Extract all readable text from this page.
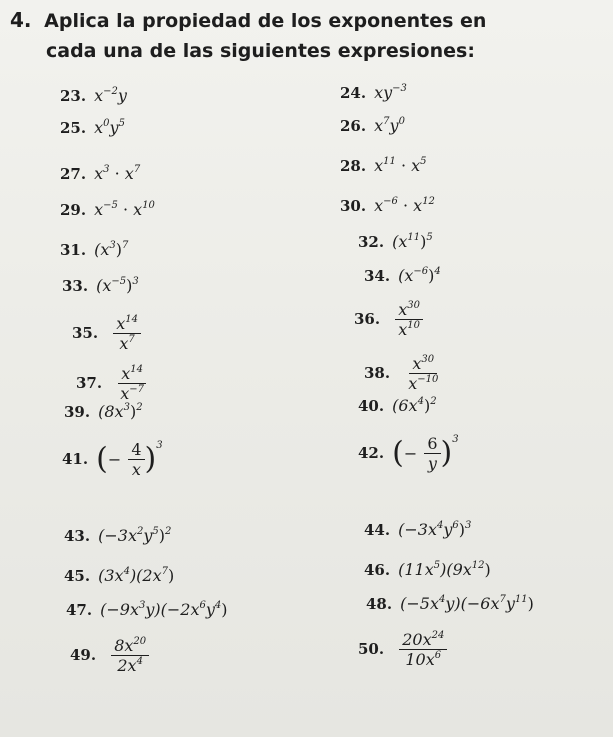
4. Aplica la propiedad de los exponentes en
cada una de las siguientes expresiones:
23. $x^{-2}y$	24. $xy^{-3}$
25. $x^0y^5$	26. $x^7y^0$
27. $x^3 \cdot x^7$	28. $x^{11} \cdot x^5$
29. $x^{-5} \cdot x^{10}$	30. $x^{-6} \cdot x^{12}$
31. $(x^3)^7$	32. $(x^{11})^5$
33. $(x^{-5})^3$	34. $(x^{-6})^4$
35. $\frac{x^{14}}{x^7}$	36. $\frac{x^{30}}{x^{10}}$
37. $\frac{x^{14}}{x^{-7}}$	38. $\frac{x^{30}}{x^{-10}}$
39. $(8x^3)^2$	40. $(6x^4)^2$
41. (− $\frac{4}{x} )^3$	42. (− $\frac{6}{y} )^3$
43. $(-3x^2y^5)^2$	44. $(-3x^4y^6)^3$
45. $(3x^4)(2x^7)$	46. $(11x^5)(9x^{12})$
47. $(-9x^3y)(-2x^6y^4)$	48. $(-5x^4y)(-6x^7y^{11})$
49. $\frac{8x^{20}}{2x^4}$	50. $\frac{20x^{24}}{10x^6}$
